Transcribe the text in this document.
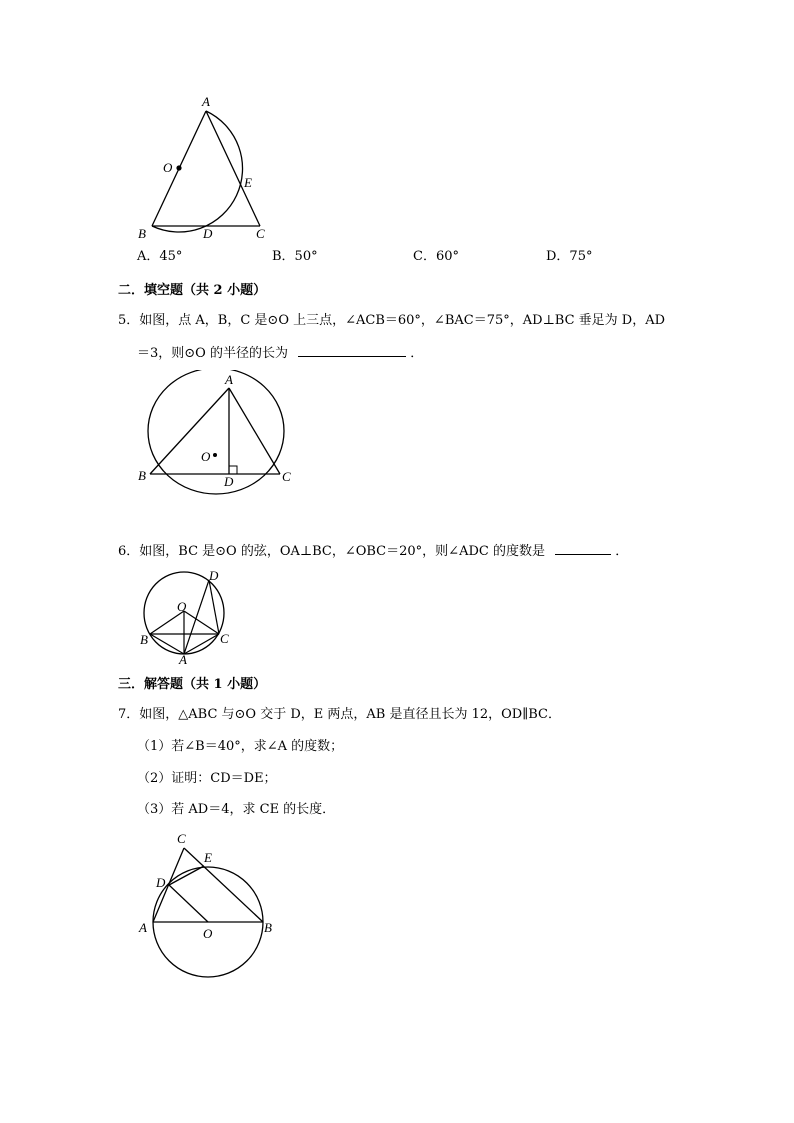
A
O
E
B	D	C
A．45°	B．50°	C．60°	D．75°
二．填空题（共 2 小题）
5．如图，点 A，B，C 是⊙O 上三点，∠ACB＝60°，∠BAC＝75°，AD⊥BC 垂足为 D，AD
＝3，则⊙O 的半径的长为	．
A
B	C
O
D
6．如图，BC 是⊙O 的弦，OA⊥BC，∠OBC＝20°，则∠ADC 的度数是	．
D
O
B	C
A
三．解答题（共 1 小题）
7．如图，△ABC 与⊙O 交于 D，E 两点，AB 是直径且长为 12，OD∥BC．
（1）若∠B＝40°，求∠A 的度数；
（2）证明：CD＝DE；
（3）若 AD＝4，求 CE 的长度．
C
E
D
A	O	B
